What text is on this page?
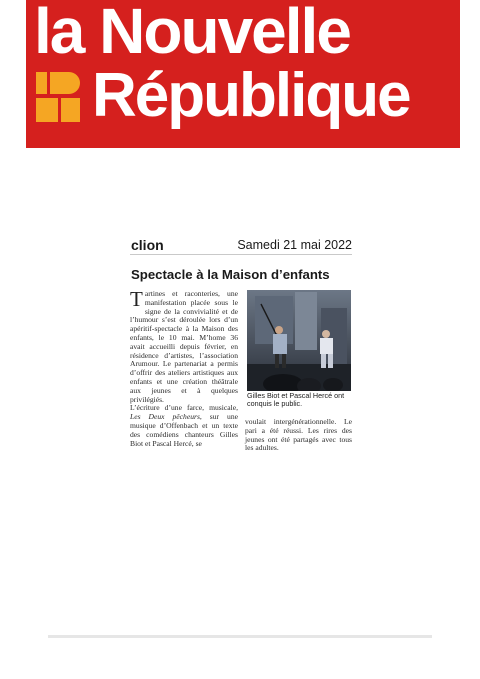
la Nouvelle
République
clion	Samedi 21 mai 2022
Spectacle à la Maison d’enfants

Tartines et raconteries, une manifestation placée sous le signe de la convivialité et de l’humour s’est déroulée lors d’un apéritif-spectacle à la Maison des enfants, le 10 mai. M’home 36 avait accueilli depuis février, en résidence d’artistes, l’association Arumour. Le partenariat a permis d’offrir des ateliers artistiques aux enfants et une création théâtrale aux jeunes et à quelques privilégiés.

L’écriture d’une farce, musicale, Les Deux pêcheurs, sur une musique d’Offenbach et un texte des comédiens chanteurs Gilles Biot et Pascal Hercé, se

Gilles Biot et Pascal Hercé ont conquis le public.

voulait intergénérationnelle. Le pari a été réussi. Les rires des jeunes ont été partagés avec tous les adultes.
